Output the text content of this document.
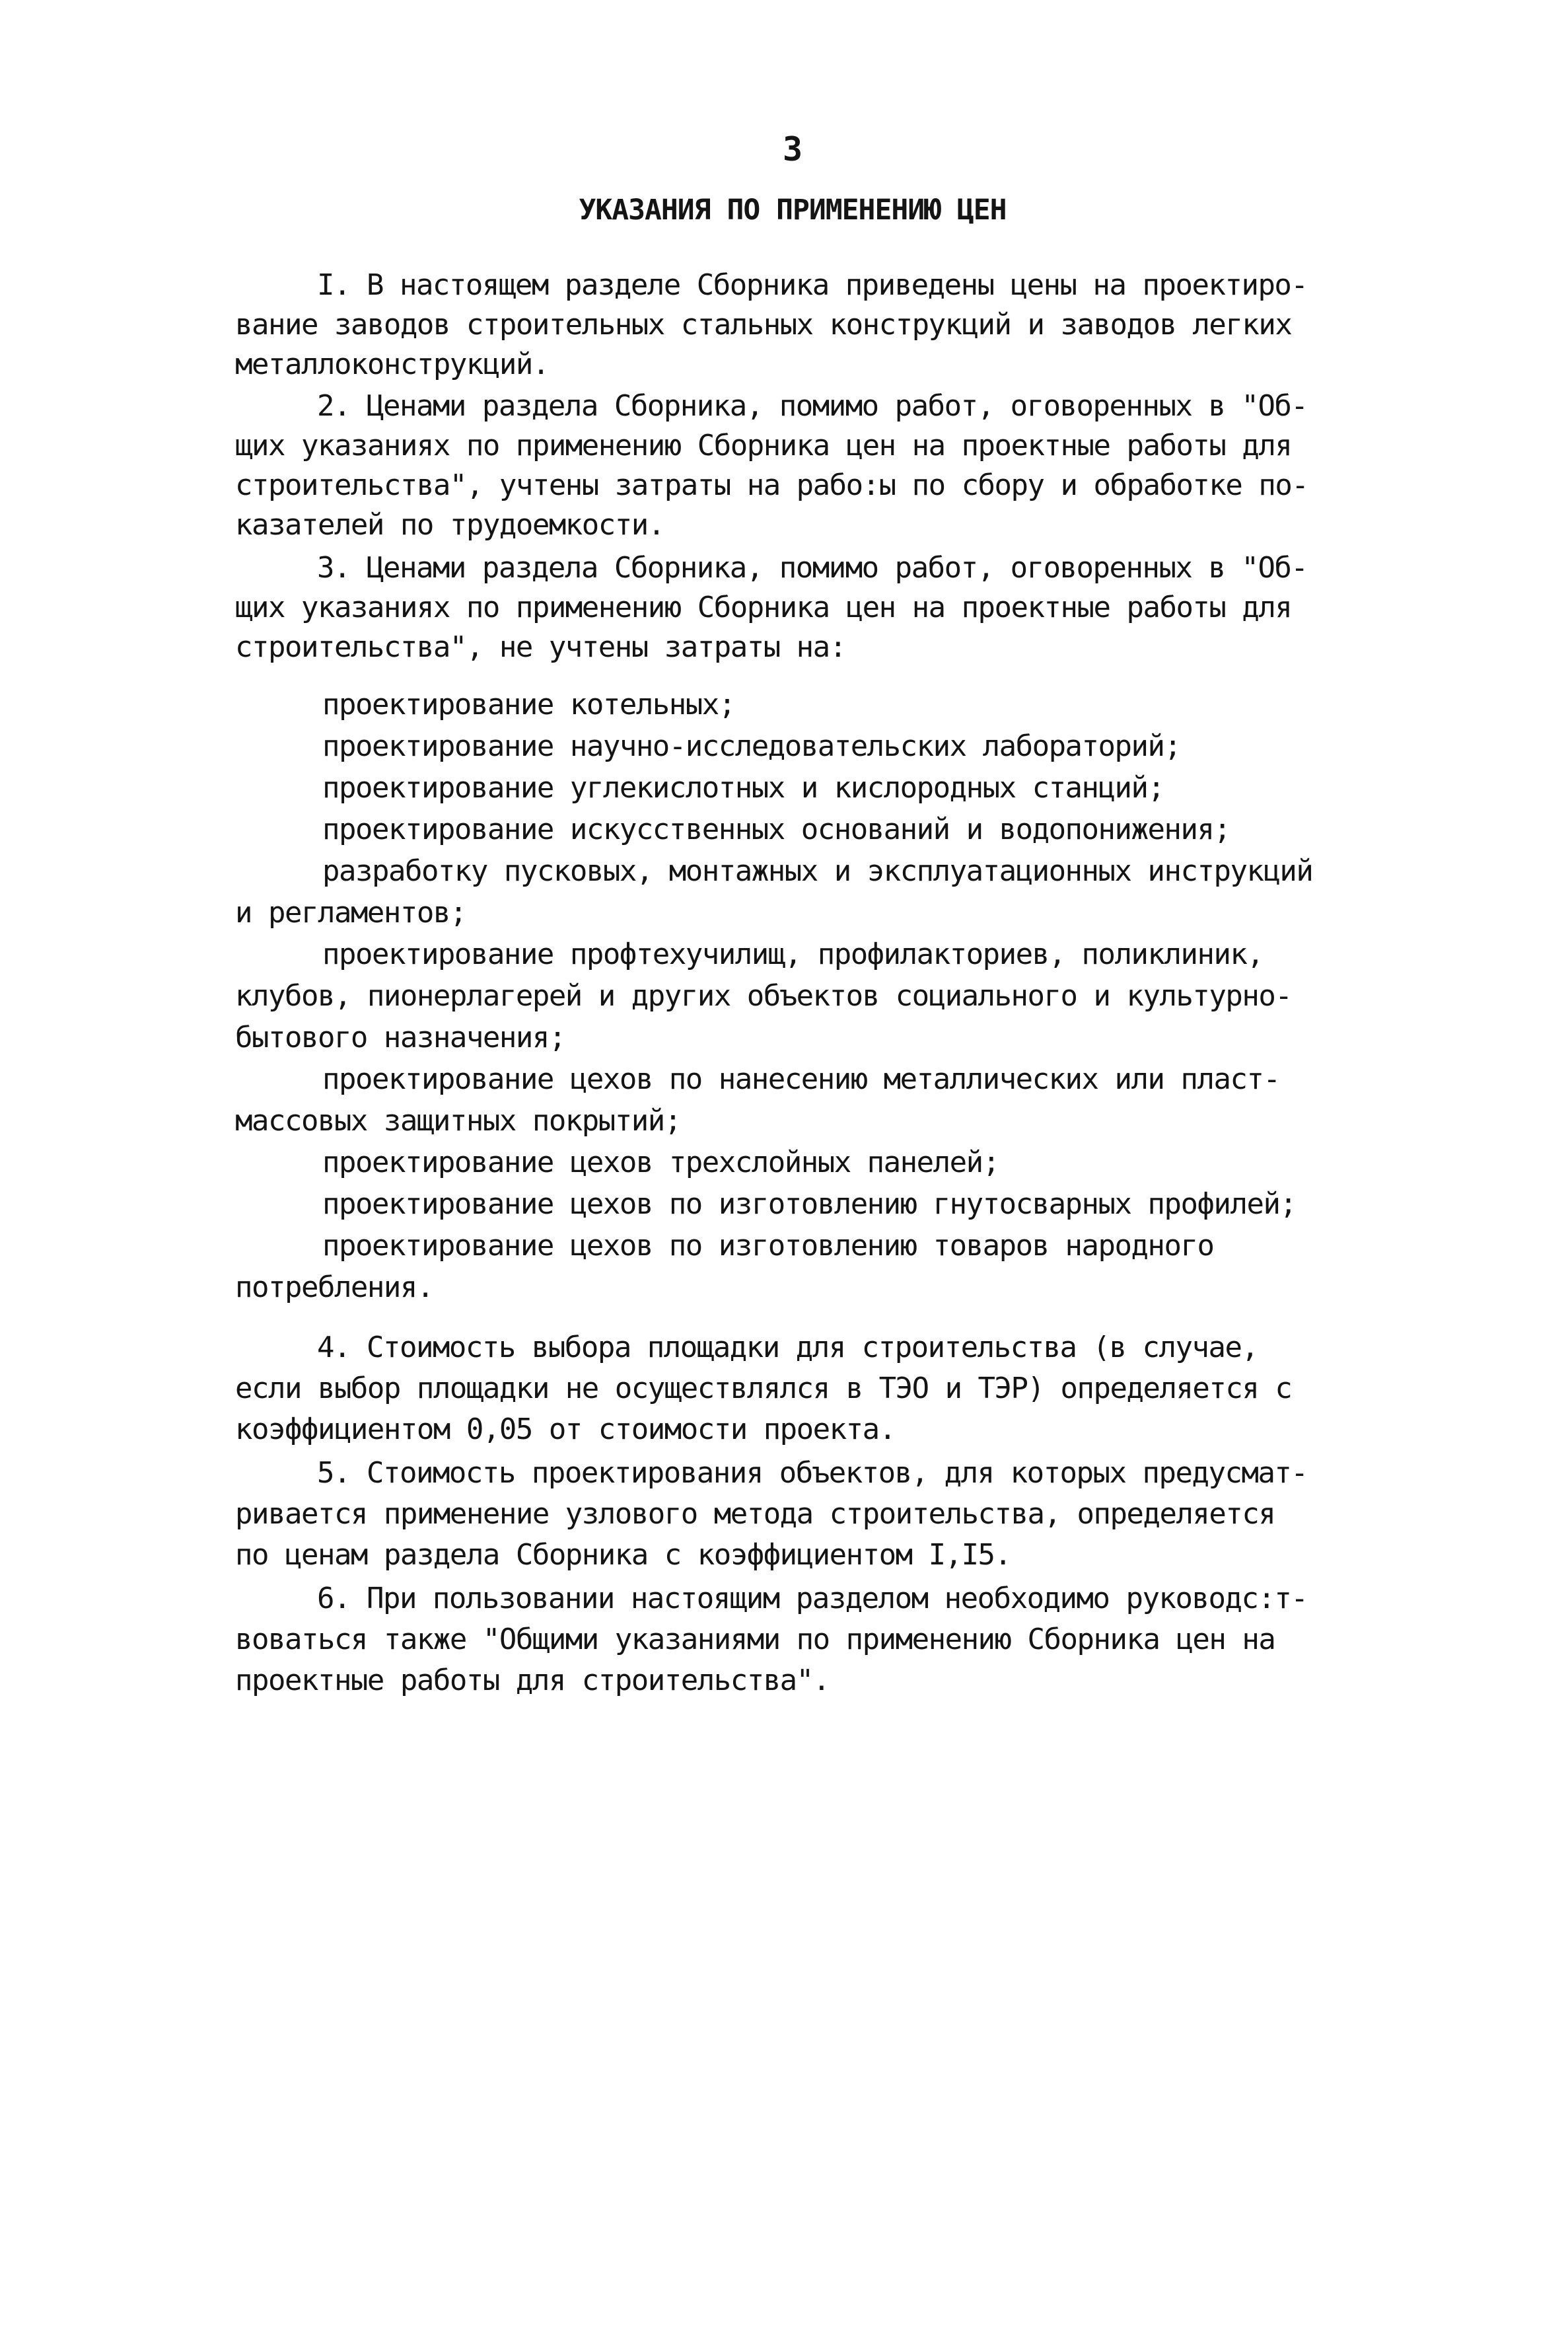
3
УКАЗАНИЯ ПО ПРИМЕНЕНИЮ ЦЕН
I. В настоящем разделе Сборника приведены цены на проектиро-
вание заводов строительных стальных конструкций и заводов легких
металлоконструкций.
2. Ценами раздела Сборника, помимо работ, оговоренных в "Об-
щих указаниях по применению Сборника цен на проектные работы для
строительства", учтены затраты на рабо:ы по сбору и обработке по-
казателей по трудоемкости.
3. Ценами раздела Сборника, помимо работ, оговоренных в "Об-
щих указаниях по применению Сборника цен на проектные работы для
строительства", не учтены затраты на:
проектирование котельных;
проектирование научно-исследовательских лабораторий;
проектирование углекислотных и кислородных станций;
проектирование искусственных оснований и водопонижения;
разработку пусковых, монтажных и эксплуатационных инструкций
и регламентов;
проектирование профтехучилищ, профилакториев, поликлиник,
клубов, пионерлагерей и других объектов социального и культурно-
бытового назначения;
проектирование цехов по нанесению металлических или пласт-
массовых защитных покрытий;
проектирование цехов трехслойных панелей;
проектирование цехов по изготовлению гнутосварных профилей;
проектирование цехов по изготовлению товаров народного
потребления.
4. Стоимость выбора площадки для строительства (в случае,
если выбор площадки не осуществлялся в ТЭО и ТЭР) определяется с
коэффициентом 0,05 от стоимости проекта.
5. Стоимость проектирования объектов, для которых предусмат-
ривается применение узлового метода строительства, определяется
по ценам раздела Сборника с коэффициентом I,I5.
6. При пользовании настоящим разделом необходимо руководс:т-
воваться также "Общими указаниями по применению Сборника цен на
проектные работы для строительства".
